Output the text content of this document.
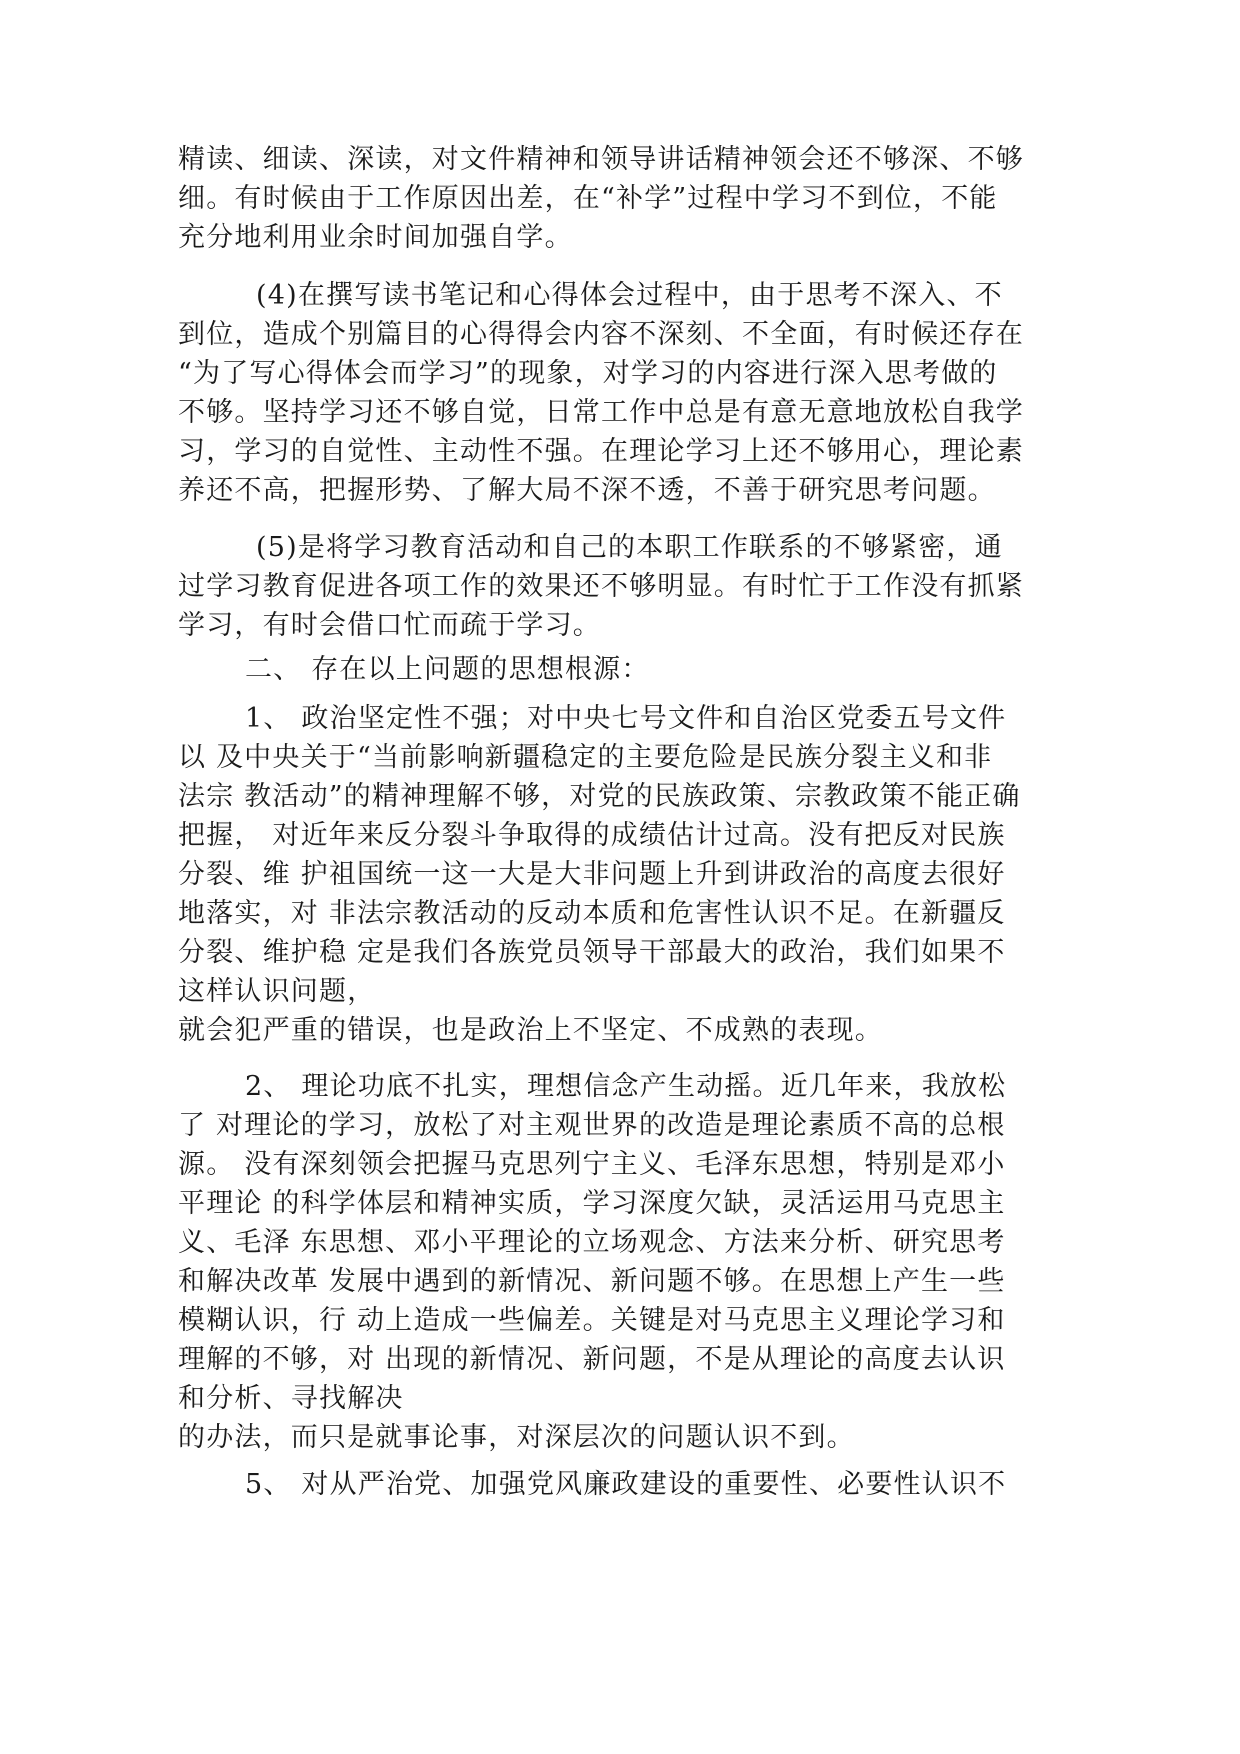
精读、细读、深读，对文件精神和领导讲话精神领会还不够深、不够
细。有时候由于工作原因出差，在“补学”过程中学习不到位，不能
充分地利用业余时间加强自学。
(4)在撰写读书笔记和心得体会过程中，由于思考不深入、不
到位，造成个别篇目的心得得会内容不深刻、不全面，有时候还存在
“为了写心得体会而学习”的现象，对学习的内容进行深入思考做的
不够。坚持学习还不够自觉，日常工作中总是有意无意地放松自我学
习，学习的自觉性、主动性不强。在理论学习上还不够用心，理论素
养还不高，把握形势、了解大局不深不透，不善于研究思考问题。
(5)是将学习教育活动和自己的本职工作联系的不够紧密，通
过学习教育促进各项工作的效果还不够明显。有时忙于工作没有抓紧
学习，有时会借口忙而疏于学习。
二、 存在以上问题的思想根源：
1、 政治坚定性不强；对中央七号文件和自治区党委五号文件
以 及中央关于“当前影响新疆稳定的主要危险是民族分裂主义和非
法宗 教活动”的精神理解不够，对党的民族政策、宗教政策不能正确
把握， 对近年来反分裂斗争取得的成绩估计过高。没有把反对民族
分裂、维 护祖国统一这一大是大非问题上升到讲政治的高度去很好
地落实，对 非法宗教活动的反动本质和危害性认识不足。在新疆反
分裂、维护稳 定是我们各族党员领导干部最大的政治，我们如果不
这样认识问题，
就会犯严重的错误，也是政治上不坚定、不成熟的表现。
2、 理论功底不扎实，理想信念产生动摇。近几年来，我放松
了 对理论的学习，放松了对主观世界的改造是理论素质不高的总根
源。 没有深刻领会把握马克思列宁主义、毛泽东思想，特别是邓小
平理论 的科学体层和精神实质，学习深度欠缺，灵活运用马克思主
义、毛泽 东思想、邓小平理论的立场观念、方法来分析、研究思考
和解决改革 发展中遇到的新情况、新问题不够。在思想上产生一些
模糊认识，行 动上造成一些偏差。关键是对马克思主义理论学习和
理解的不够，对 出现的新情况、新问题，不是从理论的高度去认识
和分析、寻找解决
的办法，而只是就事论事，对深层次的问题认识不到。
5、 对从严治党、加强党风廉政建设的重要性、必要性认识不
